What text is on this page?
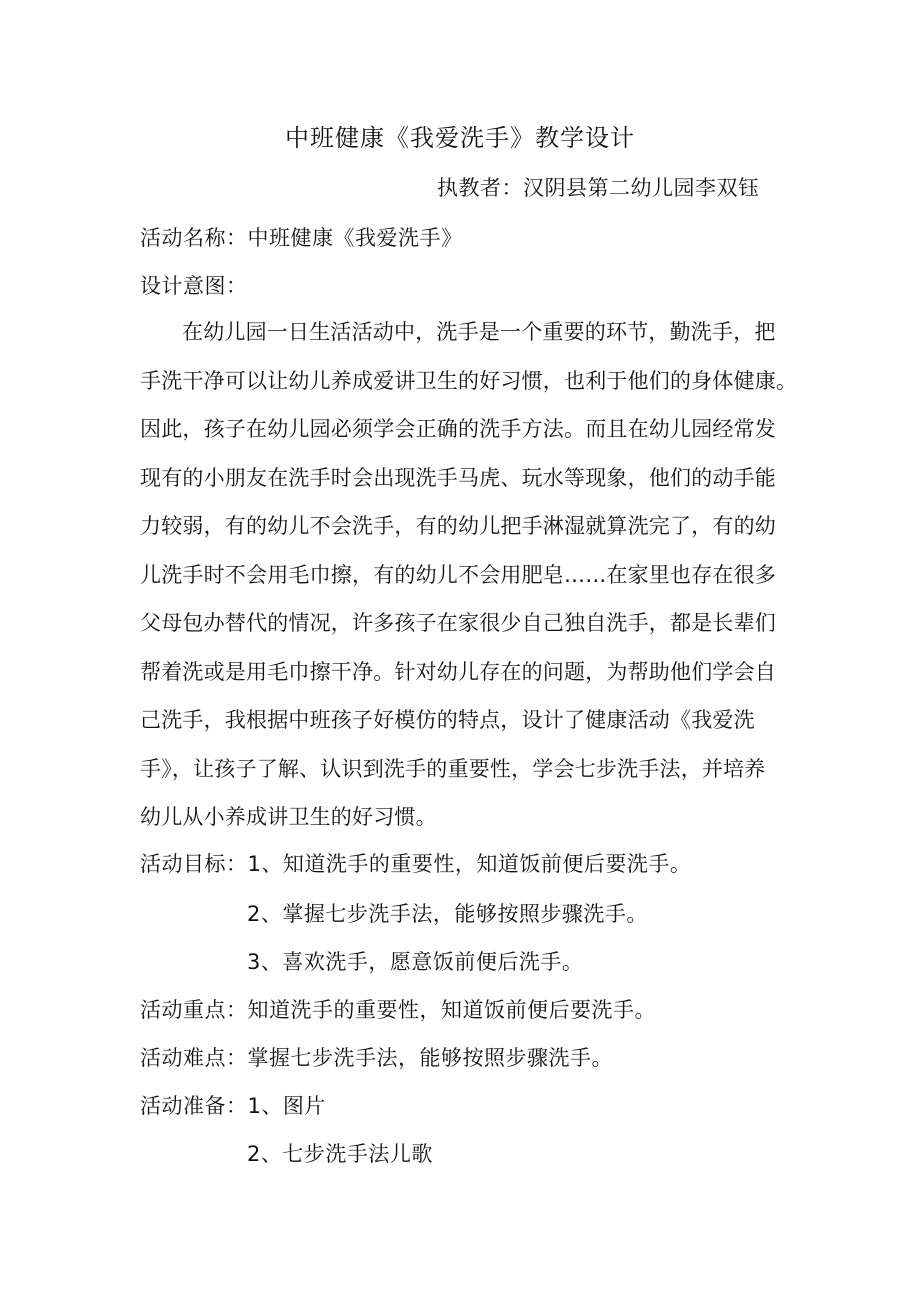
中班健康《我爱洗手》教学设计
执教者：汉阴县第二幼儿园李双钰
活动名称：中班健康《我爱洗手》
设计意图：
在幼儿园一日生活活动中，洗手是一个重要的环节，勤洗手，把
手洗干净可以让幼儿养成爱讲卫生的好习惯，也利于他们的身体健康。
因此，孩子在幼儿园必须学会正确的洗手方法。而且在幼儿园经常发
现有的小朋友在洗手时会出现洗手马虎、玩水等现象，他们的动手能
力较弱，有的幼儿不会洗手，有的幼儿把手淋湿就算洗完了，有的幼
儿洗手时不会用毛巾擦，有的幼儿不会用肥皂……在家里也存在很多
父母包办替代的情况，许多孩子在家很少自己独自洗手，都是长辈们
帮着洗或是用毛巾擦干净。针对幼儿存在的问题，为帮助他们学会自
己洗手，我根据中班孩子好模仿的特点，设计了健康活动《我爱洗
手》，让孩子了解、认识到洗手的重要性，学会七步洗手法，并培养
幼儿从小养成讲卫生的好习惯。
活动目标：1、知道洗手的重要性，知道饭前便后要洗手。
2、掌握七步洗手法，能够按照步骤洗手。
3、喜欢洗手，愿意饭前便后洗手。
活动重点：知道洗手的重要性，知道饭前便后要洗手。
活动难点：掌握七步洗手法，能够按照步骤洗手。
活动准备：1、图片
2、七步洗手法儿歌
